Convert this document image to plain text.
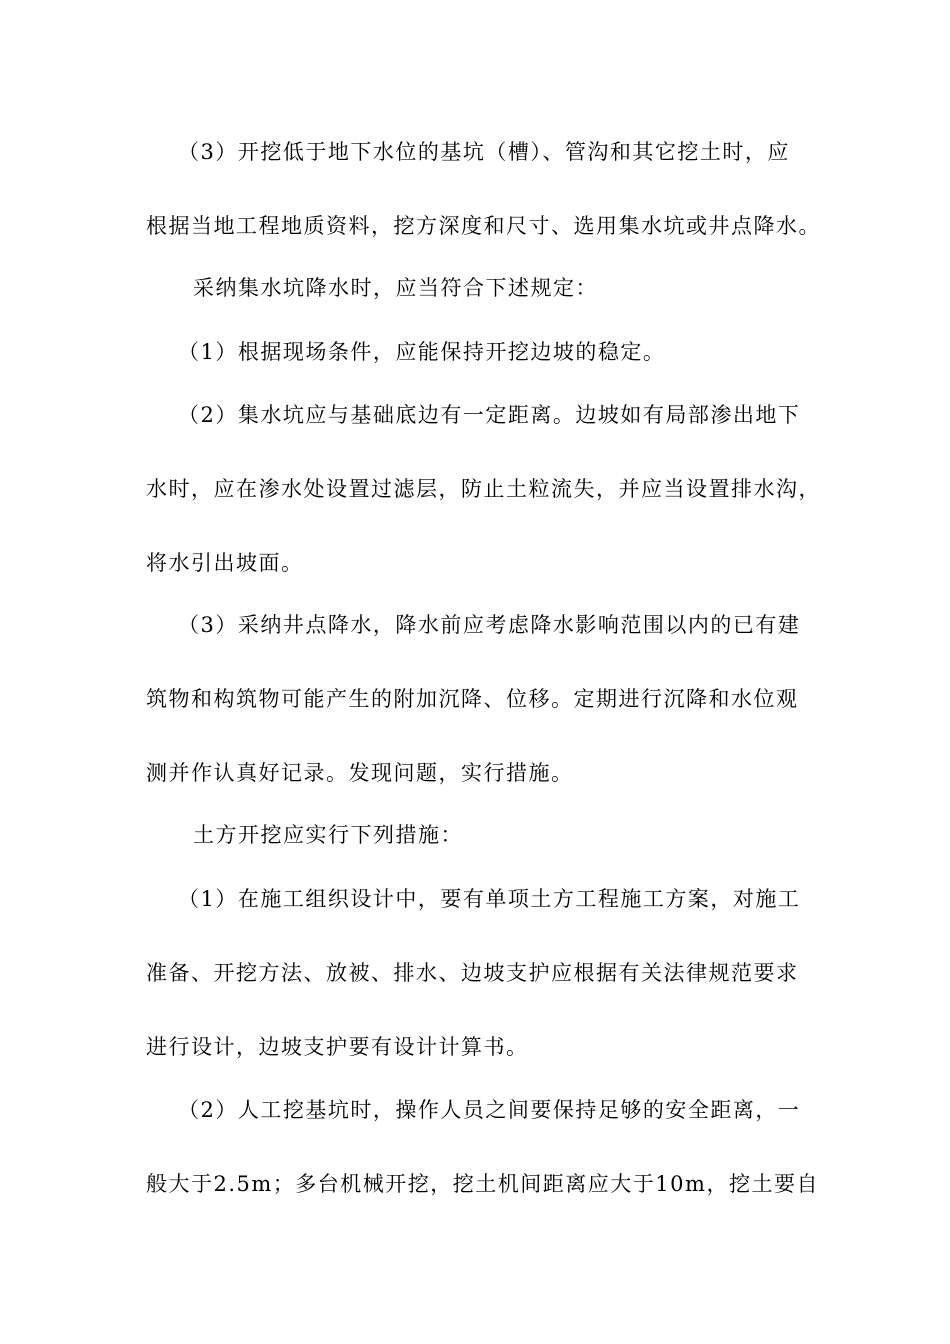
（3）开挖低于地下水位的基坑（槽）、管沟和其它挖土时，应
根据当地工程地质资料，挖方深度和尺寸、选用集水坑或井点降水。
采纳集水坑降水时，应当符合下述规定：
（1）根据现场条件，应能保持开挖边坡的稳定。
（2）集水坑应与基础底边有一定距离。边坡如有局部渗出地下
水时，应在渗水处设置过滤层，防止土粒流失，并应当设置排水沟，
将水引出坡面。
（3）采纳井点降水，降水前应考虑降水影响范围以内的已有建
筑物和构筑物可能产生的附加沉降、位移。定期进行沉降和水位观
测并作认真好记录。发现问题，实行措施。
土方开挖应实行下列措施：
（1）在施工组织设计中，要有单项土方工程施工方案，对施工
准备、开挖方法、放被、排水、边坡支护应根据有关法律规范要求
进行设计，边坡支护要有设计计算书。
（2）人工挖基坑时，操作人员之间要保持足够的安全距离，一
般大于2.5m；多台机械开挖，挖土机间距离应大于10m，挖土要自
